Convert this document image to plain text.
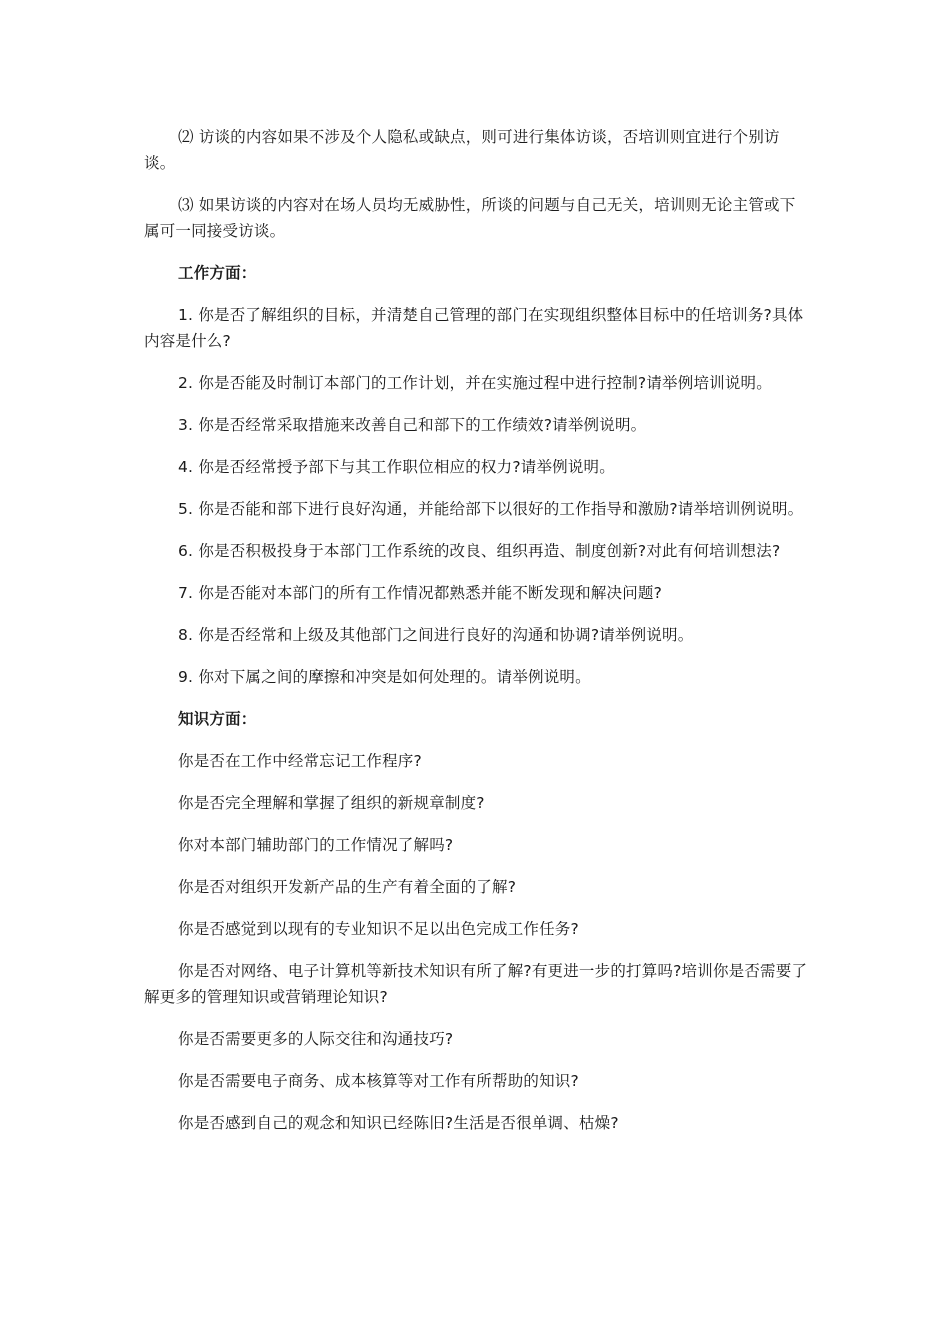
⑵ 访谈的内容如果不涉及个人隐私或缺点，则可进行集体访谈，否培训则宜进行个别访谈。

⑶ 如果访谈的内容对在场人员均无威胁性，所谈的问题与自己无关，培训则无论主管或下属可一同接受访谈。

工作方面：

1. 你是否了解组织的目标，并清楚自己管理的部门在实现组织整体目标中的任培训务?具体内容是什么?

2. 你是否能及时制订本部门的工作计划，并在实施过程中进行控制?请举例培训说明。

3. 你是否经常采取措施来改善自己和部下的工作绩效?请举例说明。

4. 你是否经常授予部下与其工作职位相应的权力?请举例说明。

5. 你是否能和部下进行良好沟通，并能给部下以很好的工作指导和激励?请举培训例说明。

6. 你是否积极投身于本部门工作系统的改良、组织再造、制度创新?对此有何培训想法?

7. 你是否能对本部门的所有工作情况都熟悉并能不断发现和解决问题?

8. 你是否经常和上级及其他部门之间进行良好的沟通和协调?请举例说明。

9. 你对下属之间的摩擦和冲突是如何处理的。请举例说明。

知识方面：

你是否在工作中经常忘记工作程序?

你是否完全理解和掌握了组织的新规章制度?

你对本部门辅助部门的工作情况了解吗?

你是否对组织开发新产品的生产有着全面的了解?

你是否感觉到以现有的专业知识不足以出色完成工作任务?

你是否对网络、电子计算机等新技术知识有所了解?有更进一步的打算吗?培训你是否需要了解更多的管理知识或营销理论知识?

你是否需要更多的人际交往和沟通技巧?

你是否需要电子商务、成本核算等对工作有所帮助的知识?

你是否感到自己的观念和知识已经陈旧?生活是否很单调、枯燥?
